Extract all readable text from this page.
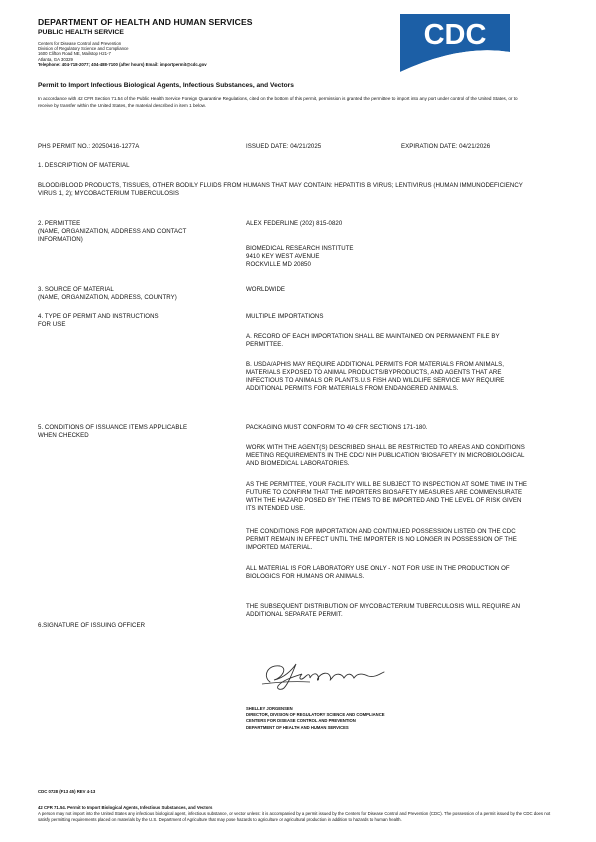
DEPARTMENT OF HEALTH AND HUMAN SERVICES
PUBLIC HEALTH SERVICE
Centers for Disease Control and Prevention
Division of Regulatory Science and Compliance
1600 Clifton Road NE, Mailstop H21-7
Atlanta, GA 30329
Telephone: 404-718-2077; 404-488-7100 (after hours) Email: importpermit@cdc.gov
CDC
Permit to Import Infectious Biological Agents, Infectious Substances, and Vectors
In accordance with 42 CFR Section 71.54 of the Public Health Service Foreign Quarantine Regulations, cited on the bottom of this permit, permission is granted the permittee to import into any port under control of the United States, or to receive by transfer within the United States, the material described in item 1 below.
PHS PERMIT NO.: 20250416-1277A	ISSUED DATE: 04/21/2025	EXPIRATION DATE: 04/21/2026
1. DESCRIPTION OF MATERIAL
BLOOD/BLOOD PRODUCTS, TISSUES, OTHER BODILY FLUIDS FROM HUMANS THAT MAY CONTAIN: HEPATITIS B VIRUS; LENTIVIRUS (HUMAN IMMUNODEFICIENCY VIRUS 1, 2); MYCOBACTERIUM TUBERCULOSIS
2. PERMITTEE
(NAME, ORGANIZATION, ADDRESS AND CONTACT INFORMATION)
ALEX FEDERLINE (202) 815-0820
BIOMEDICAL RESEARCH INSTITUTE
9410 KEY WEST AVENUE
ROCKVILLE MD 20850
3. SOURCE OF MATERIAL
(NAME, ORGANIZATION, ADDRESS, COUNTRY)
WORLDWIDE
4. TYPE OF PERMIT AND INSTRUCTIONS
FOR USE
MULTIPLE IMPORTATIONS
A. RECORD OF EACH IMPORTATION SHALL BE MAINTAINED ON PERMANENT FILE BY PERMITTEE.
B. USDA/APHIS MAY REQUIRE ADDITIONAL PERMITS FOR MATERIALS FROM ANIMALS, MATERIALS EXPOSED TO ANIMAL PRODUCTS/BYPRODUCTS, AND AGENTS THAT ARE INFECTIOUS TO ANIMALS OR PLANTS.U.S FISH AND WILDLIFE SERVICE MAY REQUIRE ADDITIONAL PERMITS FOR MATERIALS FROM ENDANGERED ANIMALS.
5. CONDITIONS OF ISSUANCE ITEMS APPLICABLE
WHEN CHECKED
PACKAGING MUST CONFORM TO 49 CFR SECTIONS 171-180.
WORK WITH THE AGENT(S) DESCRIBED SHALL BE RESTRICTED TO AREAS AND CONDITIONS MEETING REQUIREMENTS IN THE CDC/ NIH PUBLICATION ‘BIOSAFETY IN MICROBIOLOGICAL AND BIOMEDICAL LABORATORIES.
AS THE PERMITTEE, YOUR FACILITY WILL BE SUBJECT TO INSPECTION AT SOME TIME IN THE FUTURE TO CONFIRM THAT THE IMPORTERS BIOSAFETY MEASURES ARE COMMENSURATE WITH THE HAZARD POSED BY THE ITEMS TO BE IMPORTED AND THE LEVEL OF RISK GIVEN ITS INTENDED USE.
THE CONDITIONS FOR IMPORTATION AND CONTINUED POSSESSION LISTED ON THE CDC PERMIT REMAIN IN EFFECT UNTIL THE IMPORTER IS NO LONGER IN POSSESSION OF THE IMPORTED MATERIAL.
ALL MATERIAL IS FOR LABORATORY USE ONLY - NOT FOR USE IN THE PRODUCTION OF BIOLOGICS FOR HUMANS OR ANIMALS.
THE SUBSEQUENT DISTRIBUTION OF MYCOBACTERIUM TUBERCULOSIS WILL REQUIRE AN ADDITIONAL SEPARATE PERMIT.
6.SIGNATURE OF ISSUING OFFICER
SHELLEY JORGENSEN
DIRECTOR, DIVISION OF REGULATORY SCIENCE AND COMPLIANCE
CENTERS FOR DISEASE CONTROL AND PREVENTION
DEPARTMENT OF HEALTH AND HUMAN SERVICES
CDC 0728 (F13 45) REV 4-13
42 CFR 71.54. Permit to Import Biological Agents, Infectious Substances, and Vectors
A person may not import into the United States any infectious biological agent, infectious substance, or vector unless: it is accompanied by a permit issued by the Centers for Disease Control and Prevention (CDC). The possession of a permit issued by the CDC does not satisfy permitting requirements placed on materials by the U.S. Department of Agriculture that may pose hazards to agriculture or agricultural production in addition to hazards to human health.
